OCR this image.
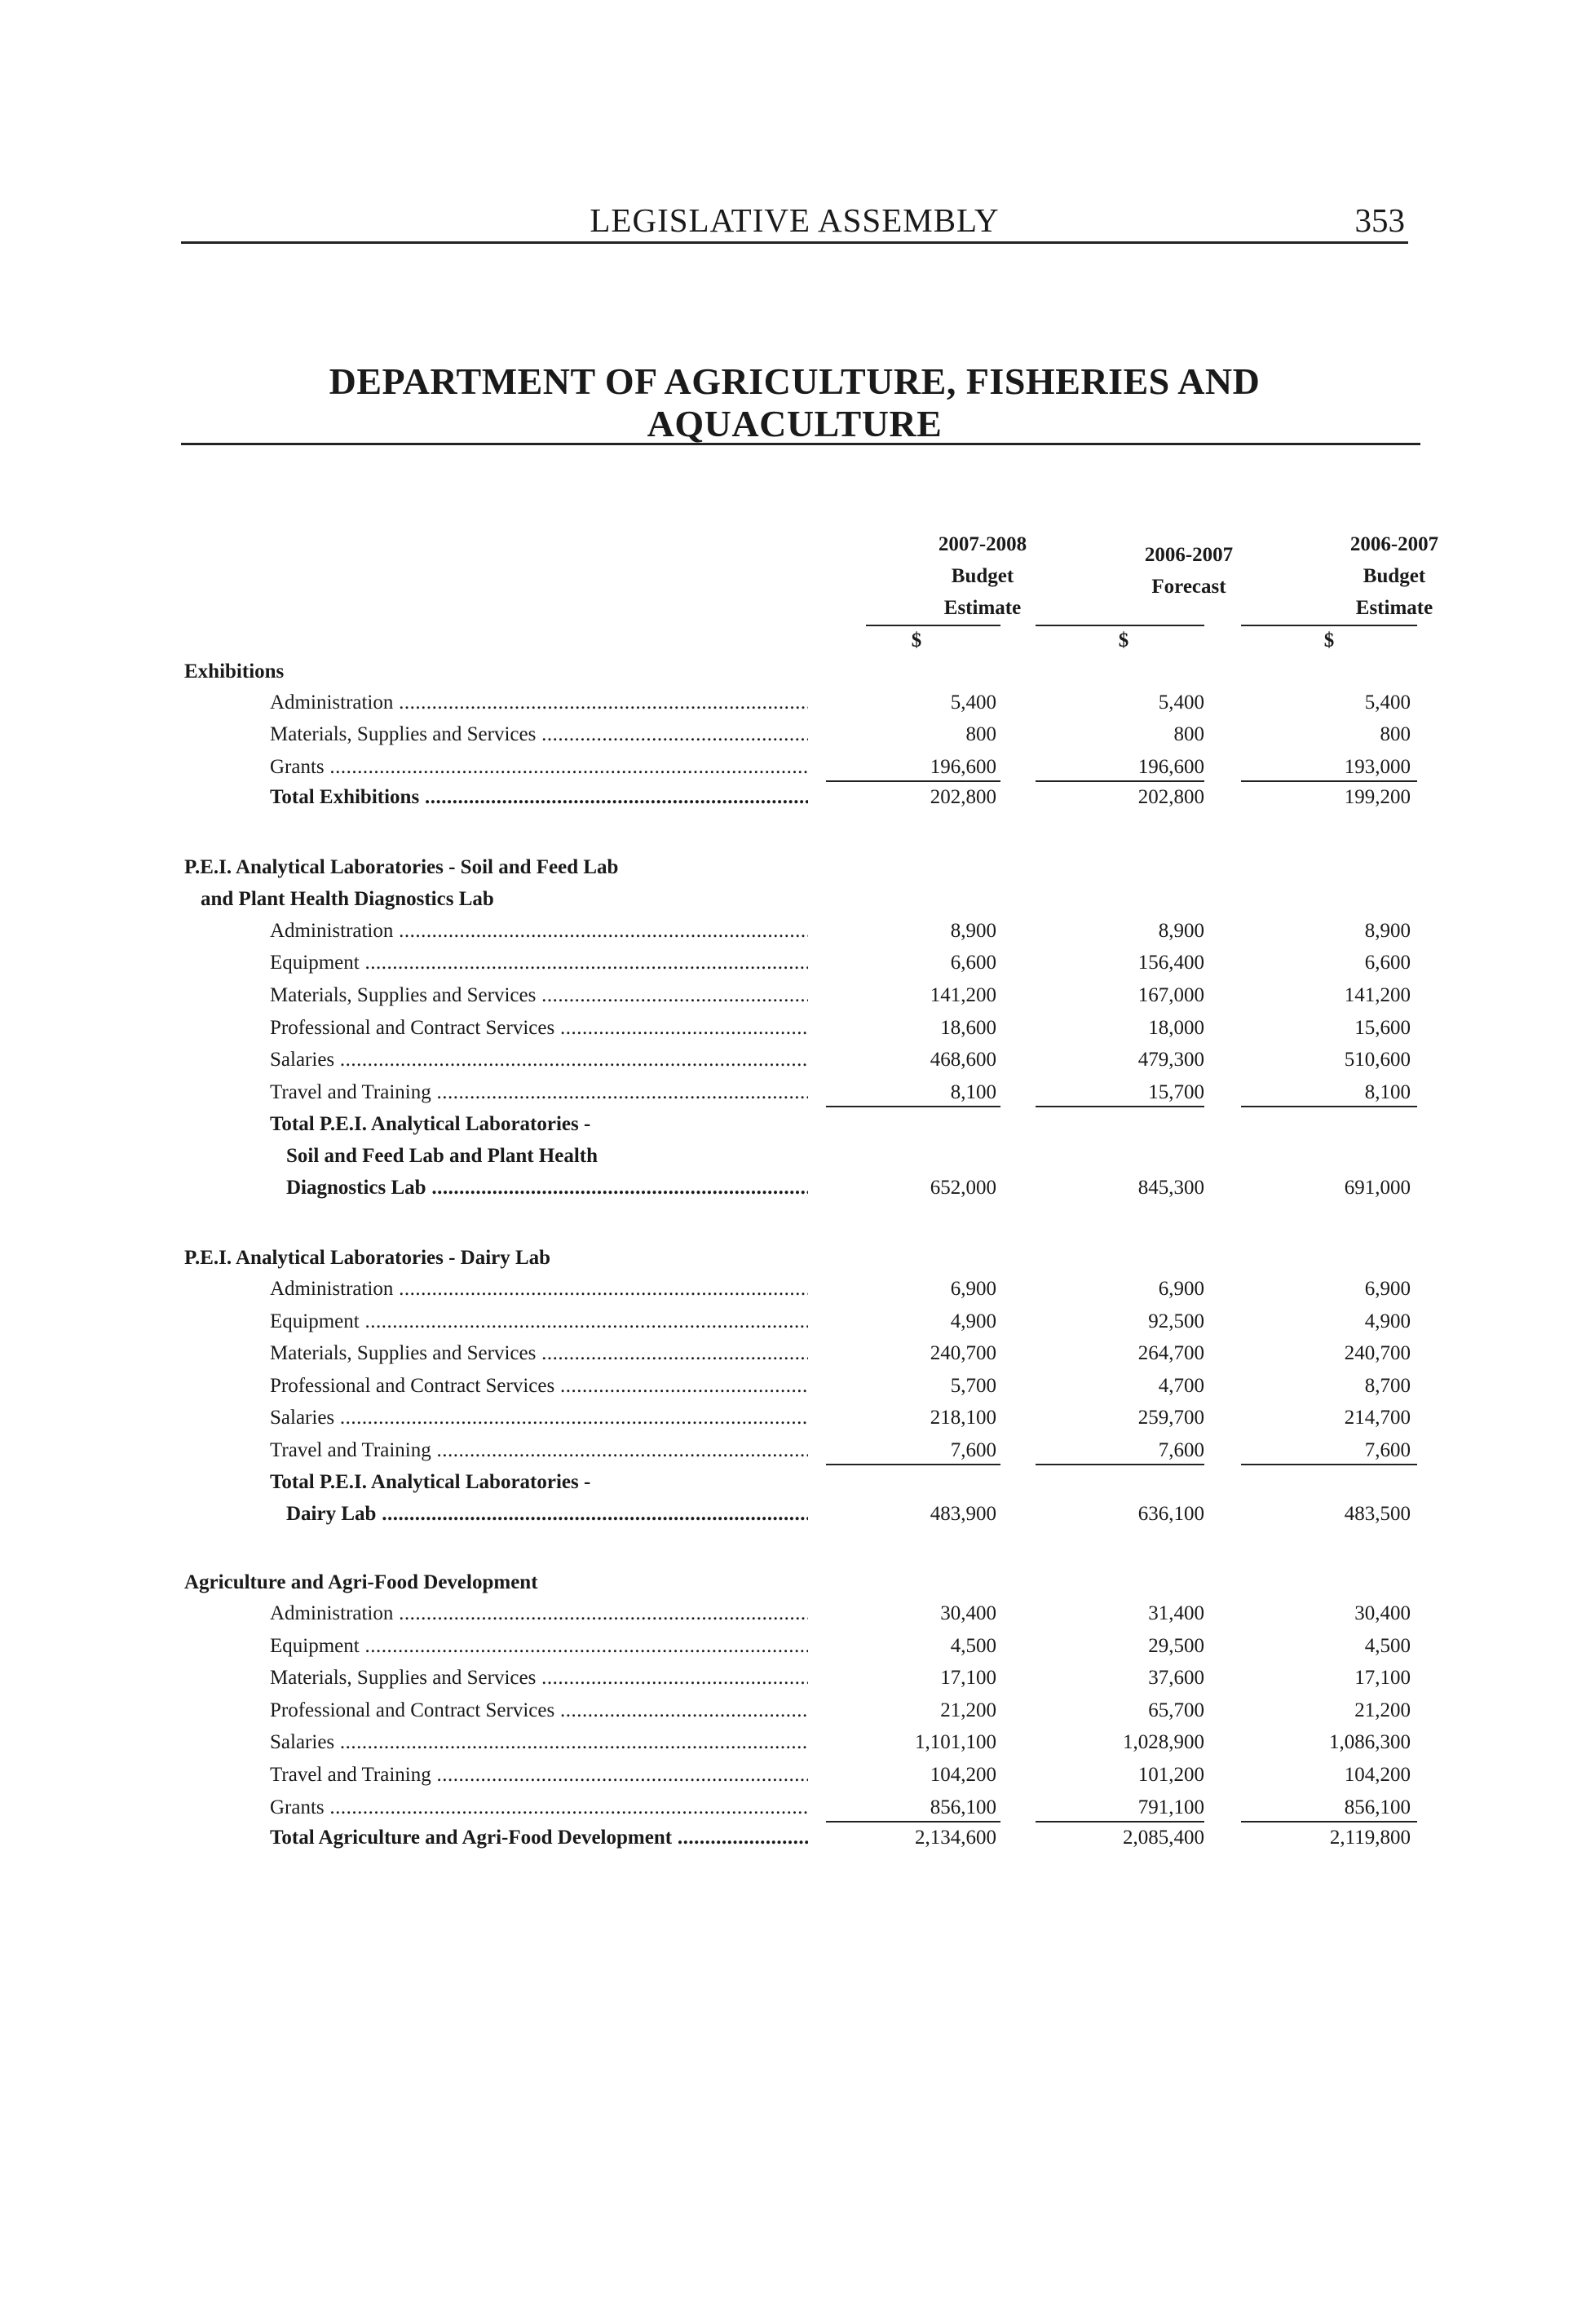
LEGISLATIVE ASSEMBLY	353
DEPARTMENT OF AGRICULTURE, FISHERIES AND AQUACULTURE
2007-2008
Budget
Estimate
2006-2007
Forecast
2006-2007
Budget
Estimate
$	$	$
Exhibitions
Administration .....	5,400	5,400	5,400
Materials, Supplies and Services .....	800	800	800
Grants .....	196,600	196,600	193,000
Total Exhibitions .....	202,800	202,800	199,200
P.E.I. Analytical Laboratories - Soil and Feed Lab
and Plant Health Diagnostics Lab
Administration .....	8,900	8,900	8,900
Equipment .....	6,600	156,400	6,600
Materials, Supplies and Services .....	141,200	167,000	141,200
Professional and Contract Services .....	18,600	18,000	15,600
Salaries .....	468,600	479,300	510,600
Travel and Training .....	8,100	15,700	8,100
Total P.E.I. Analytical Laboratories -
Soil and Feed Lab and Plant Health
Diagnostics Lab .....	652,000	845,300	691,000
P.E.I. Analytical Laboratories - Dairy Lab
Administration .....	6,900	6,900	6,900
Equipment .....	4,900	92,500	4,900
Materials, Supplies and Services .....	240,700	264,700	240,700
Professional and Contract Services .....	5,700	4,700	8,700
Salaries .....	218,100	259,700	214,700
Travel and Training .....	7,600	7,600	7,600
Total P.E.I. Analytical Laboratories -
Dairy Lab .....	483,900	636,100	483,500
Agriculture and Agri-Food Development
Administration .....	30,400	31,400	30,400
Equipment .....	4,500	29,500	4,500
Materials, Supplies and Services .....	17,100	37,600	17,100
Professional and Contract Services .....	21,200	65,700	21,200
Salaries .....	1,101,100	1,028,900	1,086,300
Travel and Training .....	104,200	101,200	104,200
Grants .....	856,100	791,100	856,100
Total Agriculture and Agri-Food Development .....	2,134,600	2,085,400	2,119,800
